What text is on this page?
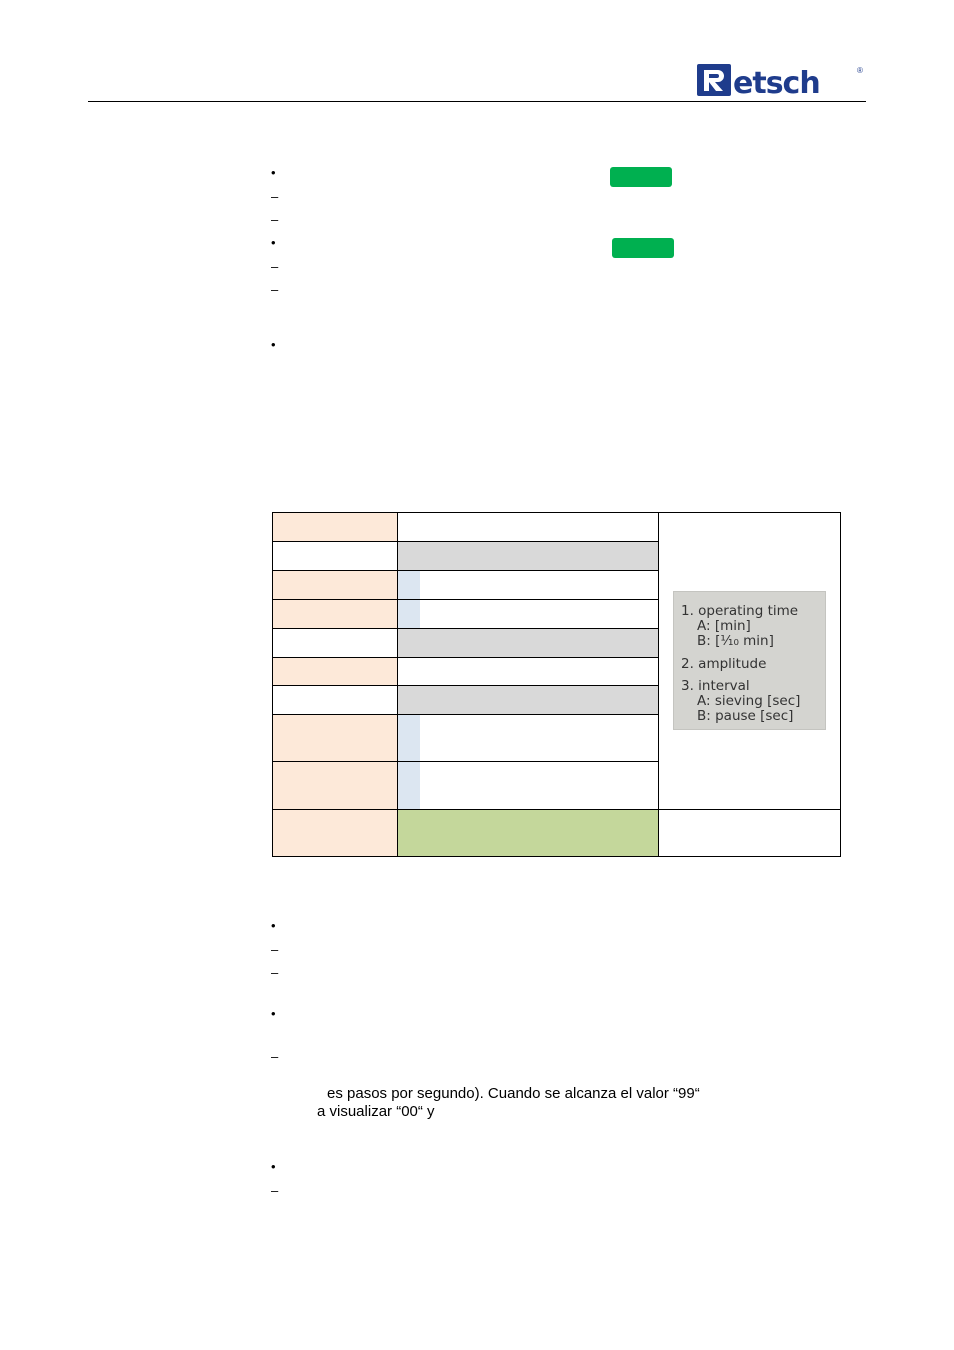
etsch	®
•
–
–
•
–
–
•
1. operating time
A: [min]
B: [¹⁄₁₀ min]
2. amplitude
3. interval
A: sieving [sec]
B: pause [sec]
•
–
–
•
–
es pasos por segundo). Cuando se alcanza el valor “99“
a visualizar “00“ y
•
–
